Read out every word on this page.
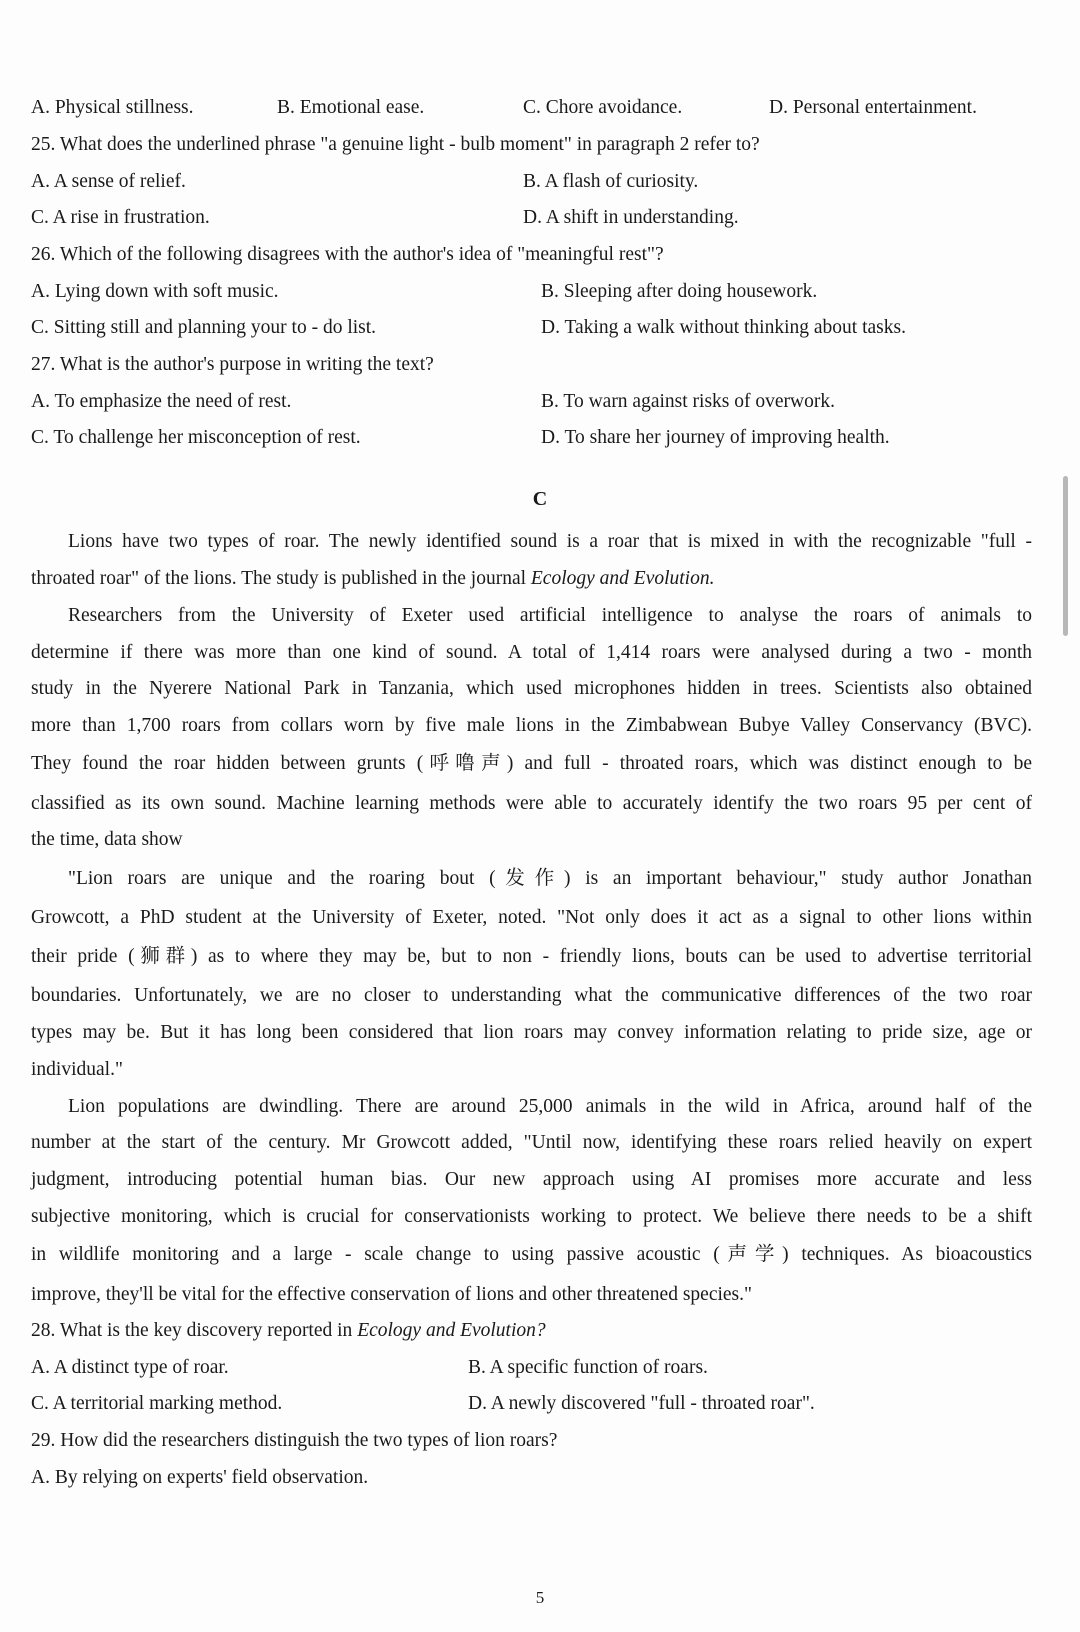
A. Physical stillness.	B. Emotional ease.	C. Chore avoidance.	D. Personal entertainment.
25. What does the underlined phrase "a genuine light - bulb moment" in paragraph 2 refer to?
A. A sense of relief.	B. A flash of curiosity.
C. A rise in frustration.	D. A shift in understanding.
26. Which of the following disagrees with the author's idea of "meaningful rest"?
A. Lying down with soft music.	B. Sleeping after doing housework.
C. Sitting still and planning your to - do list.	D. Taking a walk without thinking about tasks.
27. What is the author's purpose in writing the text?
A. To emphasize the need of rest.	B. To warn against risks of overwork.
C. To challenge her misconception of rest.	D. To share her journey of improving health.
C
Lions have two types of roar. The newly identified sound is a roar that is mixed in with the recognizable "full -
throated roar" of the lions. The study is published in the journal Ecology and Evolution.
Researchers from the University of Exeter used artificial intelligence to analyse the roars of animals to
determine if there was more than one kind of sound. A total of 1,414 roars were analysed during a two - month
study in the Nyerere National Park in Tanzania, which used microphones hidden in trees. Scientists also obtained
more than 1,700 roars from collars worn by five male lions in the Zimbabwean Bubye Valley Conservancy (BVC).
They found the roar hidden between grunts (呼噜声) and full - throated roars, which was distinct enough to be
classified as its own sound. Machine learning methods were able to accurately identify the two roars 95 per cent of
the time, data show
"Lion roars are unique and the roaring bout (发作) is an important behaviour," study author Jonathan
Growcott, a PhD student at the University of Exeter, noted. "Not only does it act as a signal to other lions within
their pride (狮群) as to where they may be, but to non - friendly lions, bouts can be used to advertise territorial
boundaries. Unfortunately, we are no closer to understanding what the communicative differences of the two roar
types may be. But it has long been considered that lion roars may convey information relating to pride size, age or
individual."
Lion populations are dwindling. There are around 25,000 animals in the wild in Africa, around half of the
number at the start of the century. Mr Growcott added, "Until now, identifying these roars relied heavily on expert
judgment, introducing potential human bias. Our new approach using AI promises more accurate and less
subjective monitoring, which is crucial for conservationists working to protect. We believe there needs to be a shift
in wildlife monitoring and a large - scale change to using passive acoustic (声学) techniques. As bioacoustics
improve, they'll be vital for the effective conservation of lions and other threatened species."
28. What is the key discovery reported in Ecology and Evolution?
A. A distinct type of roar.	B. A specific function of roars.
C. A territorial marking method.	D. A newly discovered "full - throated roar".
29. How did the researchers distinguish the two types of lion roars?
A. By relying on experts' field observation.
5
